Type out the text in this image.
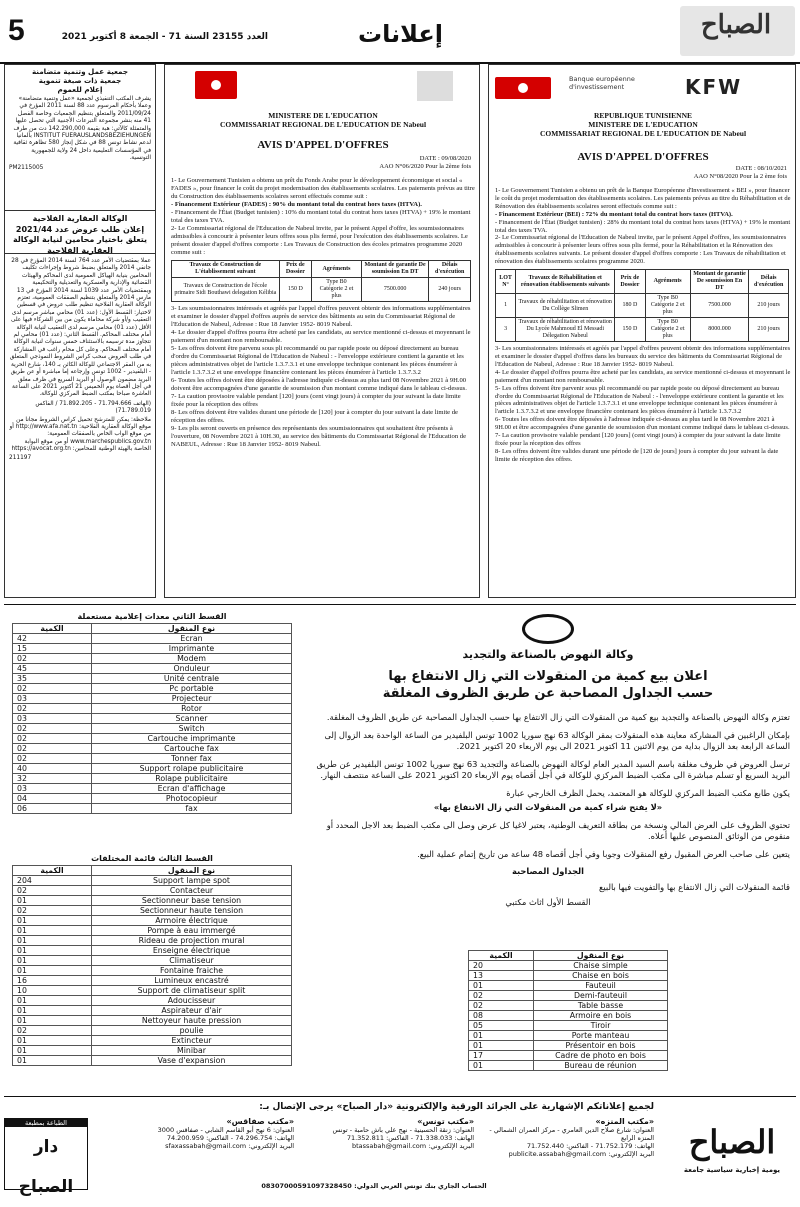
5	العدد 23155 السنة 71 - الجمعة 8 أكتوبر 2021	إعلانات	الصباح
جمعية عمل وتنمية متضامنة
جمعية ذات صبغة تنموية
إعلام للعموم
يشرف المكتب التنفيذي لجمعية «عمل وتنمية متضامنة» وعملا بأحكام المرسوم عدد 88 لسنة 2011 المؤرخ في 2011/09/24 والمتعلق بتنظيم الجمعيات وخاصة الفصل 41 منه بنشر مجموعة التبرعات الأجنبية التي تحصل عليها والمتمثلة كالآتي: هبة بقيمة 142.290,000 دت من طرف INSTITUT FUERAUSLANDSBEZIEHUNGEN بألمانيا لدعم نشاط تونس 88 في شكل إنجاز 580 تظاهرة ثقافية في المؤسسات التعليمية داخل 24 ولاية للجمهورية التونسية.
PM2115005
الوكالة العقارية الفلاحية
إعلان طلب عروض عدد 2021/44
يتعلق باختيار محامين لنيابة الوكالة العقارية الفلاحية
عملا بمقتضيات الأمر عدد 764 لسنة 2014 المؤرخ في 28 جانفي 2014 والمتعلق بضبط شروط وإجراءات تكليف المحامين بنيابة الهياكل العمومية لدى المحاكم والهيئات القضائية والإدارية والعسكرية والتعديلية والتحكيمية وبمقتضيات الأمر عدد 1039 لسنة 2014 المؤرخ في 13 مارس 2014 والمتعلق بتنظيم الصفقات العمومية، تعتزم الوكالة العقارية الفلاحية تنظيم طلب عروض في قسطين لاختيار: القسط الأول: (عدد 01) محامي مباشر مرسم لدى التعقيب و/أو شركة محاماة يكون من بين الشركاء فيها على الأقل (عدد 01) محامي مرسم لدى التعقيب لنيابة الوكالة أمام مختلف المحاكم. القسط الثاني: (عدد 01) محامي لم تتجاوز مدة ترسيمه بالاستئناف خمس سنوات لنيابة الوكالة أمام مختلف المحاكم. وعلى كل محام راغب في المشاركة في طلب العروض سحب كراس الشروط النموذجي المتعلق به من المقر الاجتماعي للوكالة الكائن بـ 140، شارع الحرية - البلفيدير - 1002 تونس وإرجاعه إما مباشرة أو عن طريق البريد مضمون الوصول أو البريد السريع في ظرف مغلق في أجل أقصاه يوم الخميس 21 أكتوبر 2021 على الساعة العاشرة صباحا بمكتب الضبط المركزي للوكالة.
(الهاتف 71.794.666 - 71.892.205 / الفاكس 71.789.019)
ملاحظة: يمكن للمترشح تحميل كراس الشروط مجانا من موقع الوكالة العقارية الفلاحية: http://www.afa.nat.tn أو من موقع الواب الخاص بالصفقات العمومية: www.marchespublics.gov.tn أو من موقع البوابة الخاصة بالهيئة الوطنية للمحامين: https://avocat.org.tn
211197
MINISTERE DE L'EDUCATION
COMMISSARIAT REGIONAL DE L'EDUCATION DE Nabeul
AVIS D'APPEL D'OFFRES
DATE : 09/08/2020
AAO N°06/2020 Pour la 2ème fois
1- Le Gouvernement Tunisien a obtenu un prêt du Fonds Arabe pour le développement économique et social « FADES », pour financer le coût du projet modernisation des établissements scolaires. Les paiements prévus au titre du Construction des établissements scolaires seront effectués comme suit :
- Financement Extérieur (FADES) : 90% du montant total du contrat hors taxes (HTVA).
- Financement de l'État (Budget tunisien) : 10% du montant total du contrat hors taxes (HTVA) + 19% le montant total des taxes TVA.
2- Le Commissariat régional de l'Education de Nabeul invite, par le présent Appel d'offre, les soumissionnaires admissibles à concourir à présenter leurs offres sous plis fermé, pour l'exécution des établissements scolaires. Le présent dossier d'appel d'offres comporte : Les Travaux de Construction des écoles primaires programme 2020 comme suit :
Travaux de Construction de L'établissement suivant	Prix de Dossier	Agréments	Montant de garantie De soumission En DT	Délais d'exécution
Travaux de Construction de l'école primaire Sidi Bouthawi delegation Kélibia	150 D	Type B0 Catégorie 2 et plus	7500.000	240 jours
3- Les soumissionnaires intéressés et agréés par l'appel d'offres peuvent obtenir des informations supplémentaires et examiner le dossier d'appel d'offres auprès de service des bâtiments au sein du Commissariat Régional de l'Education de Nabeul, Adresse : Rue 18 Janvier 1952- 8019 Nabeul.
4- Le dossier d'appel d'offres pourra être acheté par les candidats, au service mentionné ci-dessus et moyennant le paiement d'un montant non remboursable.
5- Les offres doivent être parvenu sous pli recommandé ou par rapide poste ou déposé directement au bureau d'ordre du Commissariat Régional de l'Education de Nabeul : - l'enveloppe extérieure contient la garantie et les pièces administratives objet de l'article 1.3.7.3.1 et une enveloppe technique contenant les pièces énumérer à l'article 1.3.7.3.2 et une enveloppe financière contenant les pièces énumérer à l'article 1.3.7.3.2
6- Toutes les offres doivent être déposées à l'adresse indiquée ci-dessus au plus tard 08 Novembre 2021 à 9H.00 doivent être accompagnées d'une garantie de soumission d'un montant comme indiqué dans le tableau ci-dessus.
7- La caution provisoire valable pendant [120] jours (cent vingt jours) à compter du jour suivant la date limite fixée pour la réception des offres
8- Les offres doivent être valides durant une période de [120] jour à compter du jour suivant la date limite de réception des offres.
9- Les plis seront ouverts en présence des représentants des soumissionnaires qui souhaitent être présents à l'ouverture, 08 Novembre 2021 à 10H.30, au service des bâtiments du Commissariat Régional de l'Education de NABEUL, Adresse : Rue 18 Janvier 1952- 8019 Nabeul.
Banque européenne d'investissement	KFW
REPUBLIQUE TUNISIENNE
MINISTERE DE L'EDUCATION
COMMISSARIAT REGIONAL DE L'EDUCATION DE Nabeul
AVIS D'APPEL D'OFFRES
DATE : 08/10/2021
AAO N°08/2020 Pour la 2 ème fois
1- Le Gouvernement Tunisien a obtenu un prêt de la Banque Européenne d'Investissement « BEI », pour financer le coût du projet modernisation des établissements scolaires. Les paiements prévus au titre du Réhabilitation et de Rénovation des établissements scolaires seront effectués comme suit :
- Financement Extérieur (BEI) : 72% du montant total du contrat hors taxes (HTVA).
- Financement de l'État (Budget tunisien) : 28% du montant total du contrat hors taxes (HTVA) + 19% le montant total des taxes TVA.
2- Le Commissariat régional de l'Education de Nabeul invite, par le présent Appel d'offres, les soumissionnaires admissibles à concourir à présenter leurs offres sous plis fermé, pour la Réhabilitation et la Rénovation des établissements scolaires suivants. Le présent dossier d'appel d'offres comporte : Les Travaux de réhabilitation et rénovation des établissements scolaires programme 2020.
LOT N°	Travaux de Réhabilitation et rénovation établissements suivants	Prix de Dossier	Agréments	Montant de garantie De soumission En DT	Délais d'exécution
1	Travaux de réhabilitation et rénovation Du Collège Slimen	180 D	Type B0 Catégorie 2 et plus	7500.000	210 jours
3	Travaux de réhabilitation et rénovation Du Lycée Mahmoud El Messadi Délegation Nabeul	150 D	Type B0 Catégorie 2 et plus	8000.000	210 jours
3- Les soumissionnaires intéressés et agréés par l'appel d'offres peuvent obtenir des informations supplémentaires et examiner le dossier d'appel d'offres dans les bureaux du service des bâtiments du Commissariat Régional de l'Education de Nabeul, Adresse : Rue 18 Janvier 1952- 8019 Nabeul.
4- Le dossier d'appel d'offres pourra être acheté par les candidats, au service mentionné ci-dessus et moyennant le paiement d'un montant non remboursable.
5- Les offres doivent être parvenir sous pli recommandé ou par rapide poste ou déposé directement au bureau d'ordre du Commissariat Régional de l'Education de Nabeul : - l'enveloppe extérieure contient la garantie et les pièces administratives objet de l'article 1.3.7.3.1 et une enveloppe technique contenant les pièces énumérer à l'article 1.3.7.3.2 et une enveloppe financière contenant les pièces énumérer à l'article 1.3.7.3.2
6- Toutes les offres doivent être déposées à l'adresse indiquée ci-dessus au plus tard le 08 Novembre 2021 à 9H.00 et être accompagnées d'une garantie de soumission d'un montant comme indiqué dans le tableau ci-dessus.
7- La caution provisoire valable pendant [120 jours] (cent vingt jours) à compter du jour suivant la date limite fixée pour la réception des offres
8- Les offres doivent être valides durant une période de [120 de jours] jours à compter du jour suivant la date limite de réception des offres.
القسط الثاني معدات إعلامية مستعملة
الكمية	نوع المنقول
42	Ecran
15	Imprimante
02	Modem
45	Onduleur
35	Unité centrale
02	Pc portable
03	Projecteur
02	Rotor
03	Scanner
02	Switch
02	Cartouche imprimante
02	Cartouche fax
02	Tonner fax
40	Support rolape publicitaire
32	Rolape publicitaire
03	Ecran d'affichage
04	Photocopieur
06	fax
القسط الثالث قائمة المختلفات
الكمية	نوع المنقول
204	Support lampe spot
02	Contacteur
01	Sectionneur base tension
02	Sectionneur haute tension
01	Armoire électrique
01	Pompe à eau immergé
01	Rideau de projection mural
01	Enseigne électrique
01	Climatiseur
01	Fontaine fraiche
16	Lumineux encastré
10	Support de climatiseur split
01	Adoucisseur
01	Aspirateur d'air
01	Nettoyeur haute pression
02	poulie
01	Extincteur
01	Minibar
01	Vase d'expansion
وكالة النهوض بالصناعة والتجديد
اعلان بيع كمية من المنقولات التي زال الانتفاع بها
حسب الجداول المصاحبة عن طريق الظروف المغلقة

تعتزم وكالة النهوض بالصناعة والتجديد بيع كمية من المنقولات التي زال الانتفاع بها حسب الجداول المصاحبة عن طريق الظروف المغلقة.

بإمكان الراغبين في المشاركة معاينة هذه المنقولات بمقر الوكالة 63 نهج سوريا 1002 تونس البلفيدير من الساعة الواحدة بعد الزوال إلى الساعة الرابعة بعد الزوال بداية من يوم الاثنين 11 اكتوبر 2021 الى يوم الاربعاء 20 اكتوبر 2021.

ترسل العروض في ظروف مغلقة باسم السيد المدير العام لوكالة النهوض بالصناعة والتجديد 63 نهج سوريا 1002 تونس البلفيدير عن طريق البريد السريع أو تسلم مباشرة الى مكتب الضبط المركزي للوكالة في أجل أقصاه يوم الاربعاء 20 اكتوبر 2021 على الساعة منتصف النهار.

يكون طابع مكتب الضبط المركزي للوكالة هو المعتمد، يحمل الظرف الخارجي عبارة

«لا يفتح شراء كمية من المنقولات التي زال الانتفاع بها»

تحتوي الظروف على العرض المالي ونسخة من بطاقة التعريف الوطنية، يعتبر لاغيا كل عرض وصل الى مكتب الضبط بعد الاجل المحدد أو منقوص من الوثائق المنصوص عليها أعلاه.

يتعين على صاحب العرض المقبول رفع المنقولات وجوبا وفي أجل أقصاه 48 ساعة من تاريخ إتمام عملية البيع.

الجداول المصاحبة

قائمة المنقولات التي زال الانتفاع بها والتفويت فيها بالبيع

القسط الأول اثاث مكتبي

الكمية	نوع المنقول
20	Chaise simple
13	Chaise en bois
01	Fauteuil
02	Demi-fauteuil
02	Table basse
08	Armoire en bois
05	Tiroir
01	Porte manteau
01	Présentoir en bois
17	Cadre de photo en bois
01	Bureau de réunion
لجميع إعلاناتكم الإشهارية على الجرائد الورقية والإلكترونية «دار الصباح» يرجى الإتصال بـ:
«مكتب المنزه»
العنوان: شارع صلاح الدين العامري - مركز العمران الشمالي - المنزه الرابع
الهاتف: 71.752.179 - الفاكس: 71.752.440
البريد الإلكتروني: publicite.assabah@gmail.com
«مكتب تونس»
العنوان: زنقة الحسينية - نهج علي باش حامبة - تونس
الهاتف: 71.338.033 - الفاكس: 71.352.811
البريد الإلكتروني: btassabah@gmail.com
«مكتب صفاقس»
العنوان: 6 نهج أبو القاسم الشابي - صفاقس 3000
الهاتف: 74.296.754 - الفاكس: 74.200.959
البريد الإلكتروني: sfaxassabah@gmail.com
الحساب الجاري بنك تونس العربي الدولي: 08307000591097328450
الطباعة بمطبعة
دار الصباح
الصباح
يومية إخبارية سياسية جامعة
